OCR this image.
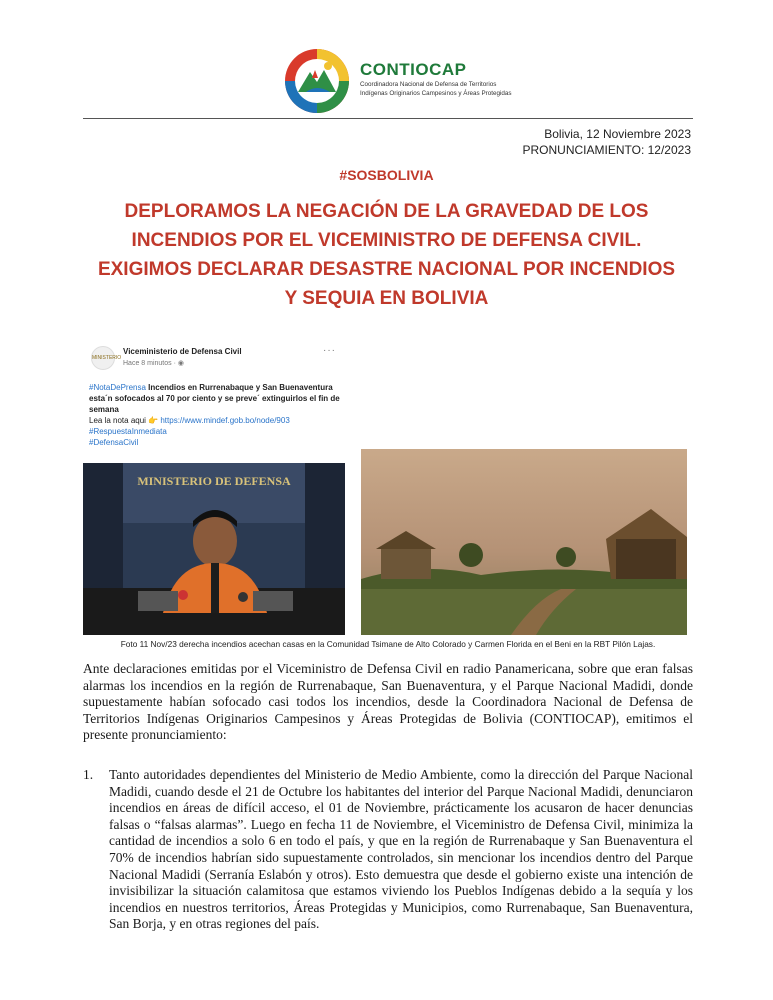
CONTIOCAP
Coordinadora Nacional de Defensa de Territorios
Indígenas Originarios Campesinos y Áreas Protegidas
Bolivia, 12 Noviembre 2023
PRONUNCIAMIENTO: 12/2023
#SOSBOLIVIA
DEPLORAMOS LA NEGACIÓN DE LA GRAVEDAD DE LOS INCENDIOS POR EL VICEMINISTRO DE DEFENSA CIVIL. EXIGIMOS DECLARAR DESASTRE NACIONAL POR INCENDIOS Y SEQUIA EN BOLIVIA
MINISTERIO
Viceministerio de Defensa Civil
Hace 8 minutos · ◉
···
#NotaDePrensa Incendios en Rurrenabaque y San Buenaventura esta´n sofocados al 70 por ciento y se preve´ extinguirlos el fin de semana
Lea la nota aqui 👉 https://www.mindef.gob.bo/node/903
#RespuestaInmediata
#DefensaCivil
MINISTERIO DE DEFENSA
Foto 11 Nov/23 derecha incendios acechan casas en la Comunidad Tsimane de Alto Colorado y Carmen Florida en el Beni en la RBT Pilón Lajas.
Ante declaraciones emitidas por el Viceministro de Defensa Civil en radio Panamericana, sobre que eran falsas alarmas los incendios en la región de Rurrenabaque, San Buenaventura, y el Parque Nacional Madidi, donde supuestamente habían sofocado casi todos los incendios, desde la Coordinadora Nacional de Defensa de Territorios Indígenas Originarios Campesinos y Áreas Protegidas de Bolivia (CONTIOCAP), emitimos el presente pronunciamiento:
1. Tanto autoridades dependientes del Ministerio de Medio Ambiente, como la dirección del Parque Nacional Madidi, cuando desde el 21 de Octubre los habitantes del interior del Parque Nacional Madidi, denunciaron incendios en áreas de difícil acceso, el 01 de Noviembre, prácticamente los acusaron de hacer denuncias falsas o “falsas alarmas”. Luego en fecha 11 de Noviembre, el Viceministro de Defensa Civil, minimiza la cantidad de incendios a solo 6 en todo el país, y que en la región de Rurrenabaque y San Buenaventura el 70% de incendios habrían sido supuestamente controlados, sin mencionar los incendios dentro del Parque Nacional Madidi (Serranía Eslabón y otros). Esto demuestra que desde el gobierno existe una intención de invisibilizar la situación calamitosa que estamos viviendo los Pueblos Indígenas debido a la sequía y los incendios en nuestros territorios, Áreas Protegidas y Municipios, como Rurrenabaque, San Buenaventura, San Borja, y en otras regiones del país.
